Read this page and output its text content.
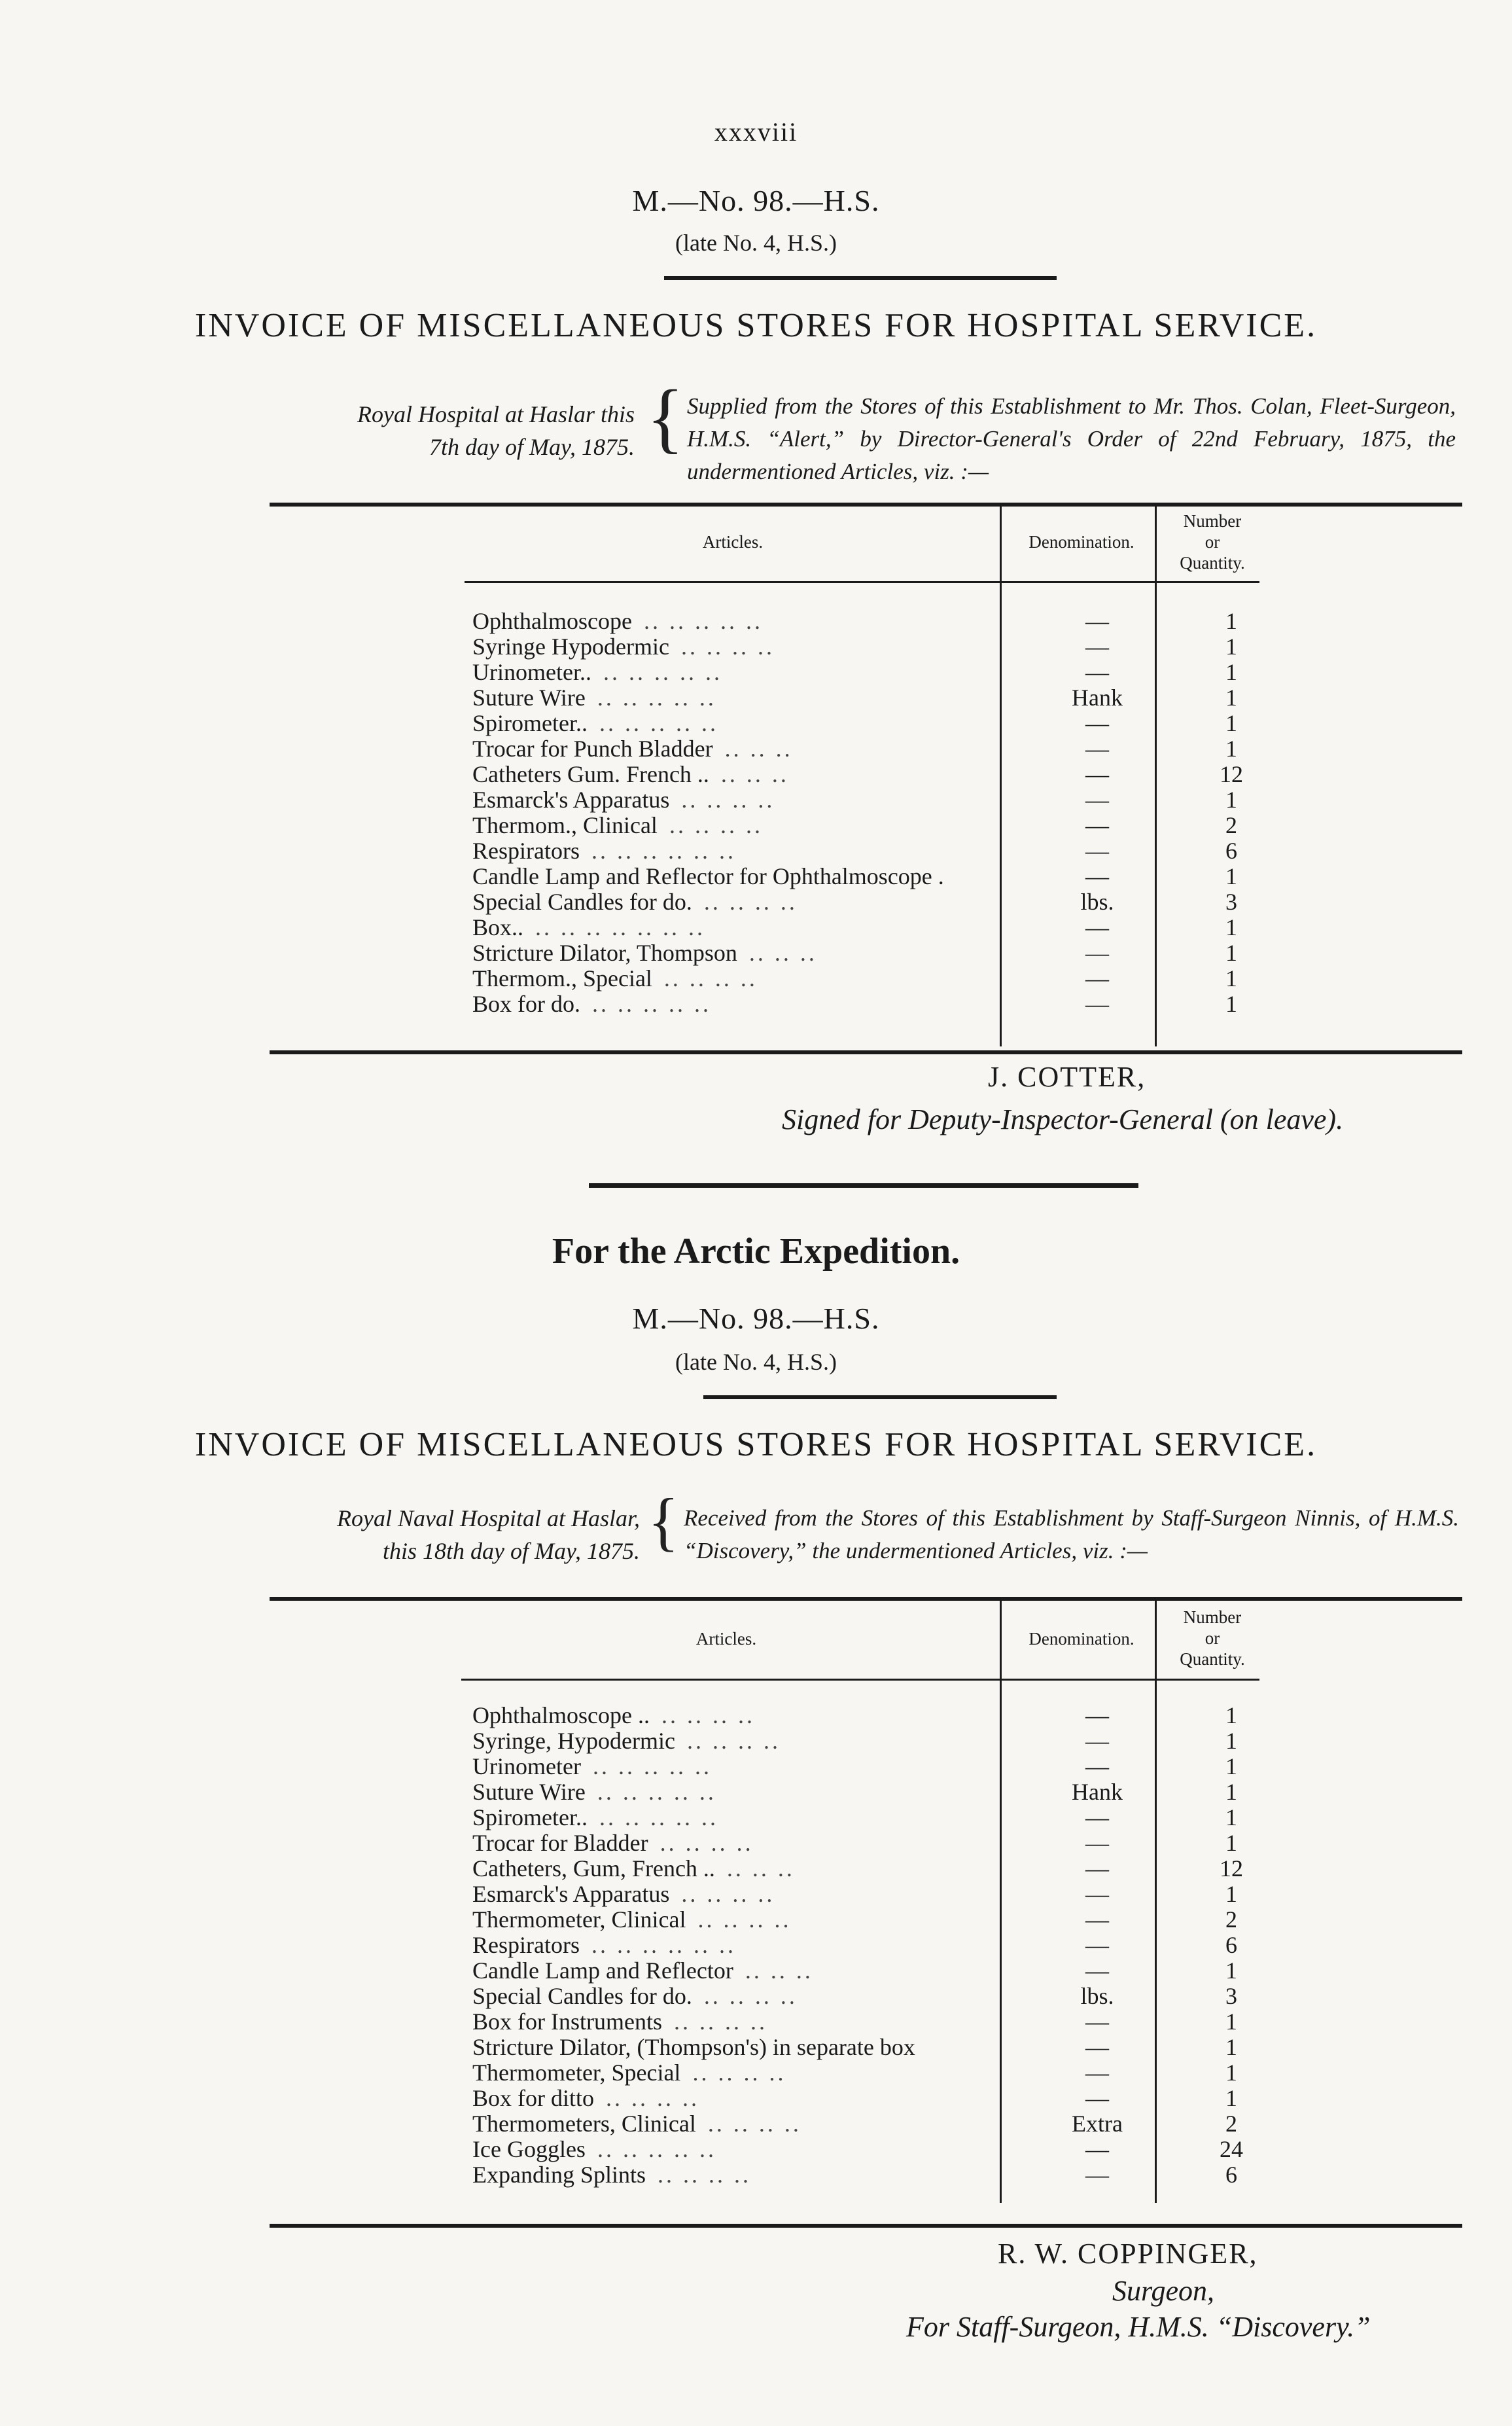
xxxviii
M.—No. 98.—H.S.
(late No. 4, H.S.)
INVOICE OF MISCELLANEOUS STORES FOR HOSPITAL SERVICE.
Royal Hospital at Haslar this
7th day of May, 1875. { Supplied from the Stores of this Establishment to Mr. Thos. Colan, Fleet-Surgeon, H.M.S. “Alert,” by Director-General's Order of 22nd February, 1875, the undermentioned Articles, viz. :—
Articles.	Denomination.
Number
or
Quantity.
Ophthalmoscope .. .. .. .. ..	—	1
Syringe Hypodermic .. .. .. ..	—	1
Urinometer.. .. .. .. .. ..	—	1
Suture Wire .. .. .. .. ..	Hank	1
Spirometer.. .. .. .. .. ..	—	1
Trocar for Punch Bladder .. .. ..	—	1
Catheters Gum. French .. .. .. ..	—	12
Esmarck's Apparatus .. .. .. ..	—	1
Thermom., Clinical .. .. .. ..	—	2
Respirators .. .. .. .. .. ..	—	6
Candle Lamp and Reflector for Ophthalmoscope .	—	1
Special Candles for do. .. .. .. ..	lbs.	3
Box.. .. .. .. .. .. .. ..	—	1
Stricture Dilator, Thompson .. .. ..	—	1
Thermom., Special .. .. .. ..	—	1
Box for do. .. .. .. .. ..	—	1
J. COTTER,
Signed for Deputy-Inspector-General (on leave).
For the Arctic Expedition.
M.—No. 98.—H.S.
(late No. 4, H.S.)
INVOICE OF MISCELLANEOUS STORES FOR HOSPITAL SERVICE.
Royal Naval Hospital at Haslar,
this 18th day of May, 1875. { Received from the Stores of this Establishment by Staff-Surgeon Ninnis, of H.M.S. “Discovery,” the undermentioned Articles, viz. :—
Articles.	Denomination.
Number
or
Quantity.
Ophthalmoscope .. .. .. .. ..	—	1
Syringe, Hypodermic .. .. .. ..	—	1
Urinometer .. .. .. .. ..	—	1
Suture Wire .. .. .. .. ..	Hank	1
Spirometer.. .. .. .. .. ..	—	1
Trocar for Bladder .. .. .. ..	—	1
Catheters, Gum, French .. .. .. ..	—	12
Esmarck's Apparatus .. .. .. ..	—	1
Thermometer, Clinical .. .. .. ..	—	2
Respirators .. .. .. .. .. ..	—	6
Candle Lamp and Reflector .. .. ..	—	1
Special Candles for do. .. .. .. ..	lbs.	3
Box for Instruments .. .. .. ..	—	1
Stricture Dilator, (Thompson's) in separate box	—	1
Thermometer, Special .. .. .. ..	—	1
Box for ditto .. .. .. ..	—	1
Thermometers, Clinical .. .. .. ..	Extra	2
Ice Goggles .. .. .. .. ..	—	24
Expanding Splints .. .. .. ..	—	6
R. W. COPPINGER,
Surgeon,
For Staff-Surgeon, H.M.S. “Discovery.”
